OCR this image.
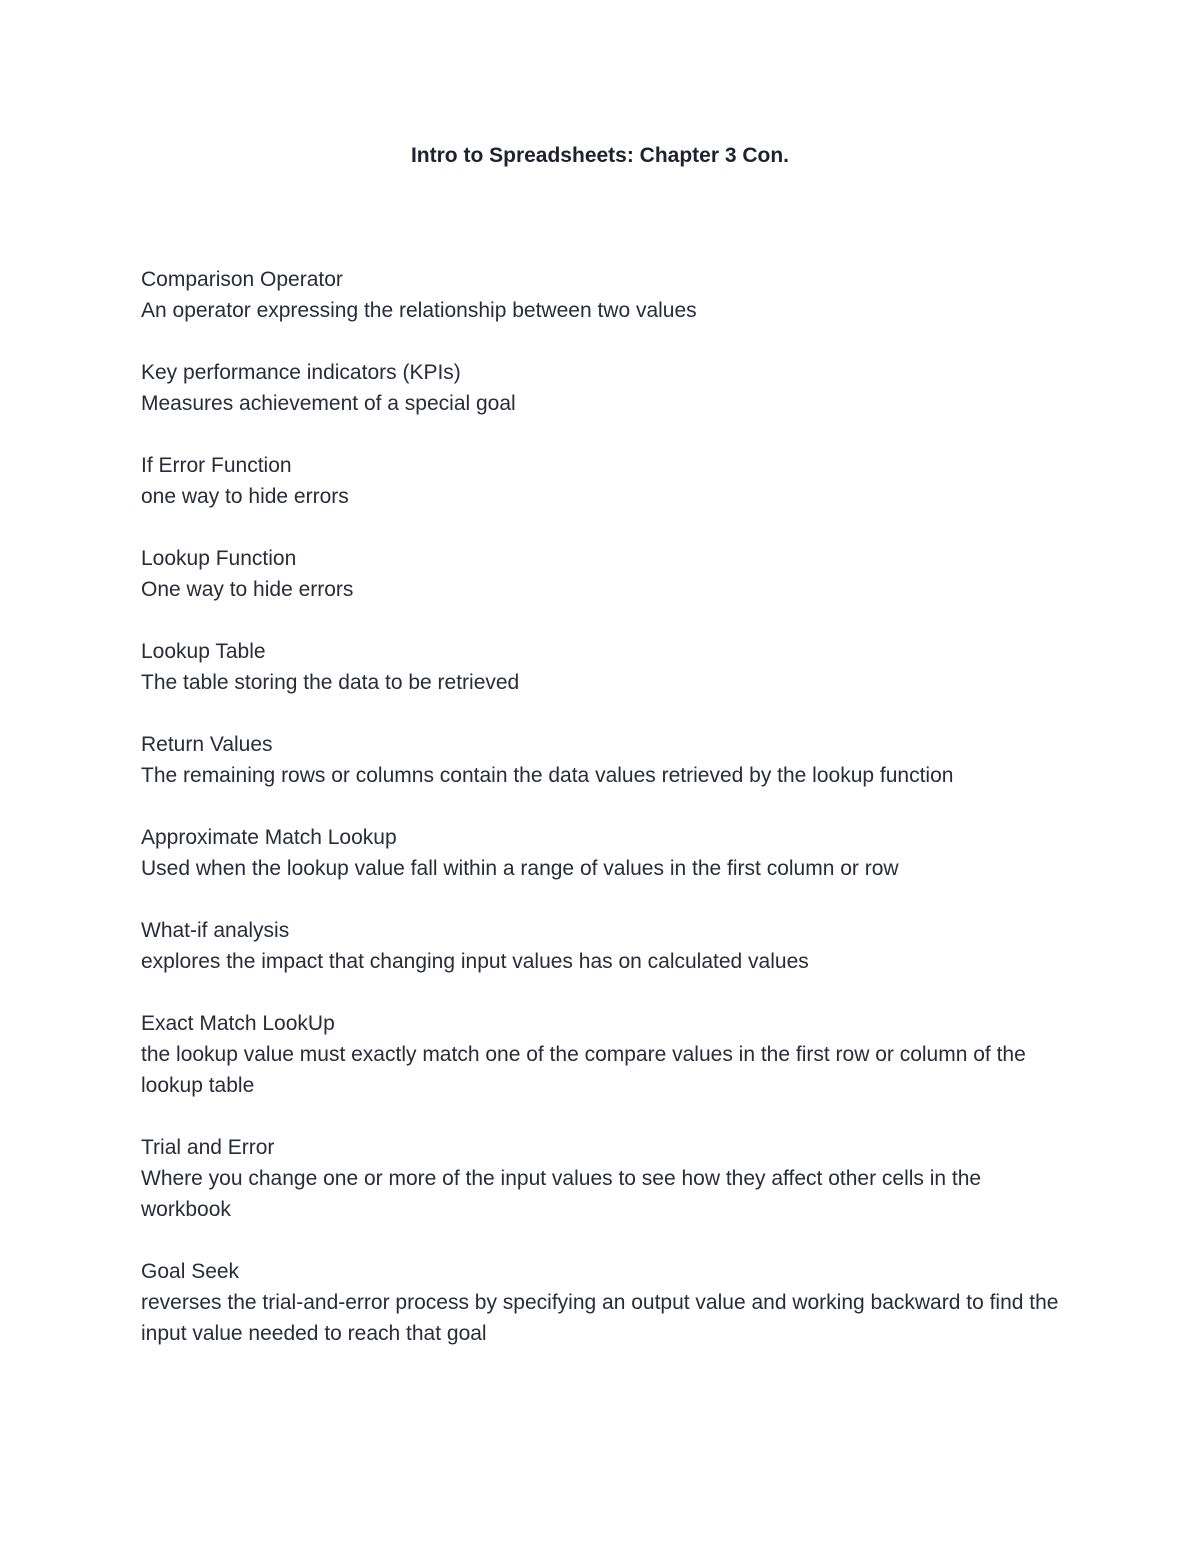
Intro to Spreadsheets: Chapter 3 Con.
Comparison Operator
An operator expressing the relationship between two values
Key performance indicators (KPIs)
Measures achievement of a special goal
If Error Function
one way to hide errors
Lookup Function
One way to hide errors
Lookup Table
The table storing the data to be retrieved
Return Values
The remaining rows or columns contain the data values retrieved by the lookup function
Approximate Match Lookup
Used when the lookup value fall within a range of values in the first column or row
What-if analysis
explores the impact that changing input values has on calculated values
Exact Match LookUp
the lookup value must exactly match one of the compare values in the first row or column of the lookup table
Trial and Error
Where you change one or more of the input values to see how they affect other cells in the workbook
Goal Seek
reverses the trial-and-error process by specifying an output value and working backward to find the input value needed to reach that goal
